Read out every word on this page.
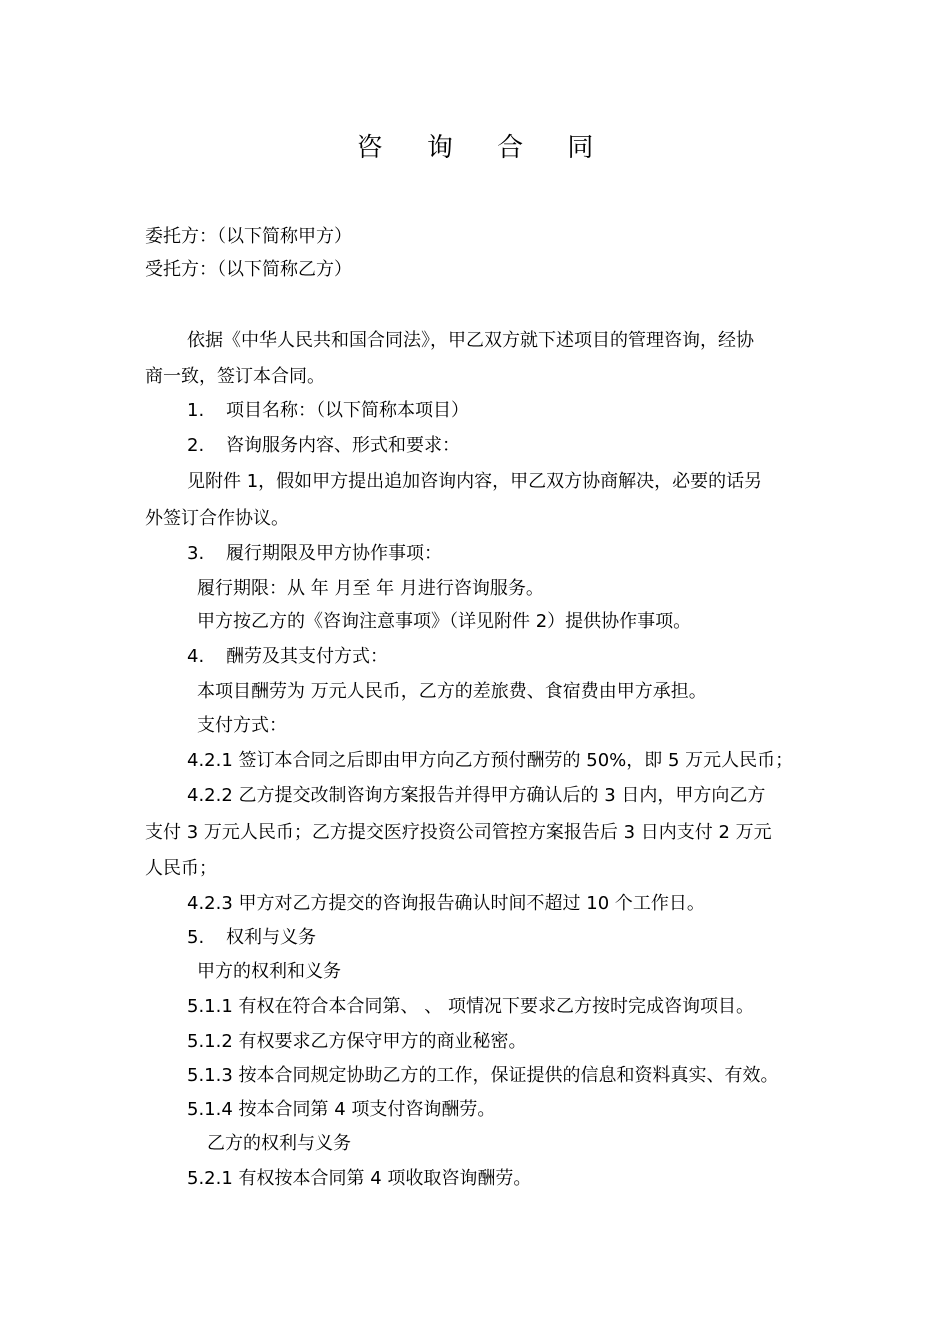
咨 询 合 同
委托方：（以下简称甲方）
受托方：（以下简称乙方）
依据《中华人民共和国合同法》，甲乙双方就下述项目的管理咨询，经协
商一致，签订本合同。
1. 项目名称：（以下简称本项目）
2. 咨询服务内容、形式和要求：
见附件 1，假如甲方提出追加咨询内容，甲乙双方协商解决，必要的话另
外签订合作协议。
3. 履行期限及甲方协作事项：
履行期限：从 年 月至 年 月进行咨询服务。
甲方按乙方的《咨询注意事项》（详见附件 2）提供协作事项。
4. 酬劳及其支付方式：
本项目酬劳为 万元人民币，乙方的差旅费、食宿费由甲方承担。
支付方式：
4.2.1 签订本合同之后即由甲方向乙方预付酬劳的 50%，即 5 万元人民币；
4.2.2 乙方提交改制咨询方案报告并得甲方确认后的 3 日内，甲方向乙方
支付 3 万元人民币；乙方提交医疗投资公司管控方案报告后 3 日内支付 2 万元
人民币；
4.2.3 甲方对乙方提交的咨询报告确认时间不超过 10 个工作日。
5. 权利与义务
甲方的权利和义务
5.1.1 有权在符合本合同第、 、 项情况下要求乙方按时完成咨询项目。
5.1.2 有权要求乙方保守甲方的商业秘密。
5.1.3 按本合同规定协助乙方的工作，保证提供的信息和资料真实、有效。
5.1.4 按本合同第 4 项支付咨询酬劳。
乙方的权利与义务
5.2.1 有权按本合同第 4 项收取咨询酬劳。
